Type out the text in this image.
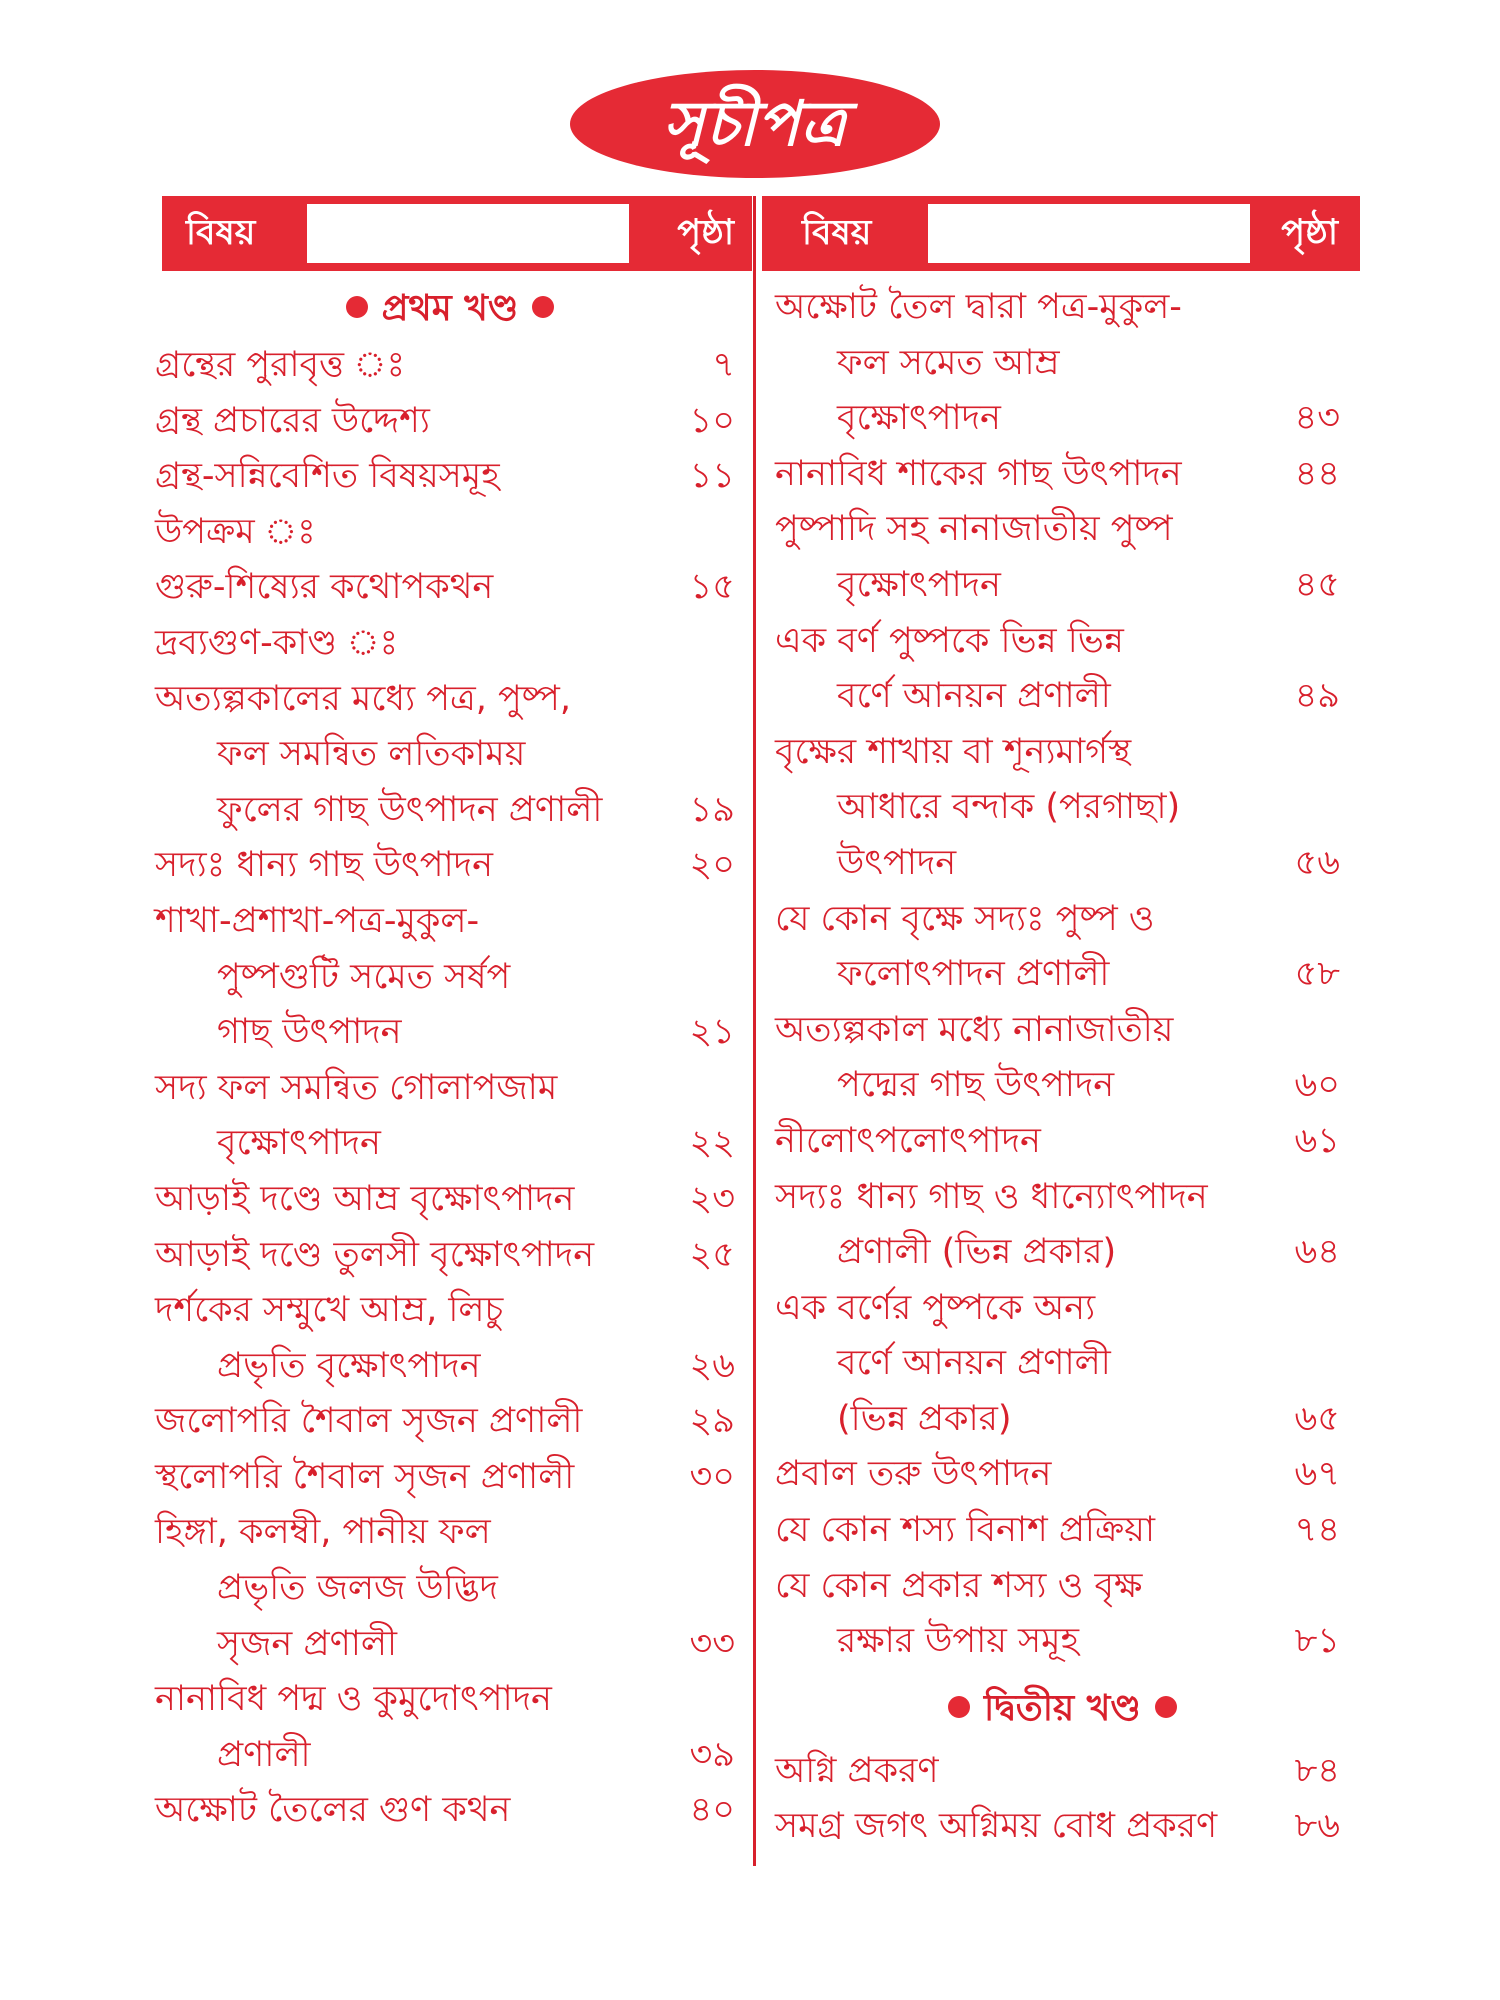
সূচীপত্র
বিষয়	পৃষ্ঠা বিষয়	পৃষ্ঠা
প্রথম খণ্ড
গ্রন্থের পুরাবৃত্ত ঃ	৭
গ্রন্থ প্রচারের উদ্দেশ্য	১০
গ্রন্থ-সন্নিবেশিত বিষয়সমূহ	১১
উপক্রম ঃ
গুরু-শিষ্যের কথোপকথন	১৫
দ্রব্যগুণ-কাণ্ড ঃ
অত্যল্পকালের মধ্যে পত্র, পুষ্প,
ফল সমন্বিত লতিকাময়
ফুলের গাছ উৎপাদন প্রণালী ১৯
সদ্যঃ ধান্য গাছ উৎপাদন	২০
শাখা-প্রশাখা-পত্র-মুকুল-
পুষ্পগুটি সমেত সর্ষপ
গাছ উৎপাদন	২১
সদ্য ফল সমন্বিত গোলাপজাম
বৃক্ষোৎপাদন	২২
আড়াই দণ্ডে আম্র বৃক্ষোৎপাদন	২৩
আড়াই দণ্ডে তুলসী বৃক্ষোৎপাদন	২৫
দর্শকের সম্মুখে আম্র, লিচু
প্রভৃতি বৃক্ষোৎপাদন	২৬
জলোপরি শৈবাল সৃজন প্রণালী	২৯
স্থলোপরি শৈবাল সৃজন প্রণালী	৩০
হিঙ্গা, কলম্বী, পানীয় ফল
প্রভৃতি জলজ উদ্ভিদ
সৃজন প্রণালী	৩৩
নানাবিধ পদ্ম ও কুমুদোৎপাদন
প্রণালী	৩৯
অক্ষোট তৈলের গুণ কথন	৪০
অক্ষোট তৈল দ্বারা পত্র-মুকুল-
ফল সমেত আম্র
বৃক্ষোৎপাদন	৪৩
নানাবিধ শাকের গাছ উৎপাদন	৪৪
পুষ্পাদি সহ নানাজাতীয় পুষ্প
বৃক্ষোৎপাদন	৪৫
এক বর্ণ পুষ্পকে ভিন্ন ভিন্ন
বর্ণে আনয়ন প্রণালী	৪৯
বৃক্ষের শাখায় বা শূন্যমার্গস্থ
আধারে বন্দাক (পরগাছা)
উৎপাদন	৫৬
যে কোন বৃক্ষে সদ্যঃ পুষ্প ও
ফলোৎপাদন প্রণালী	৫৮
অত্যল্পকাল মধ্যে নানাজাতীয়
পদ্মের গাছ উৎপাদন	৬০
নীলোৎপলোৎপাদন	৬১
সদ্যঃ ধান্য গাছ ও ধান্যোৎপাদন
প্রণালী (ভিন্ন প্রকার)	৬৪
এক বর্ণের পুষ্পকে অন্য
বর্ণে আনয়ন প্রণালী
(ভিন্ন প্রকার)	৬৫
প্রবাল তরু উৎপাদন	৬৭
যে কোন শস্য বিনাশ প্রক্রিয়া	৭৪
যে কোন প্রকার শস্য ও বৃক্ষ
রক্ষার উপায় সমূহ	৮১
দ্বিতীয় খণ্ড
অগ্নি প্রকরণ	৮৪
সমগ্র জগৎ অগ্নিময় বোধ প্রকরণ ৮৬
